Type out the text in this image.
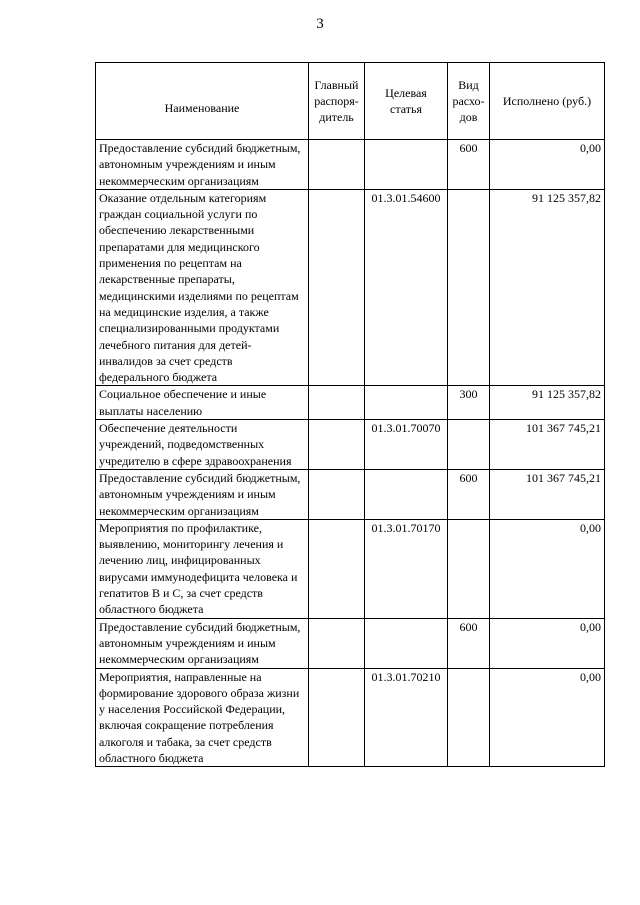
3
Наименование	Главный распоря-дитель	Целевая статья	Вид расхо-дов	Исполнено (руб.)
Предоставление субсидий бюджетным, автономным учреждениям и иным некоммерческим организациям			600	0,00
Оказание отдельным категориям граждан социальной услуги по обеспечению лекарственными препаратами для медицинского применения по рецептам на лекарственные препараты, медицинскими изделиями по рецептам на медицинские изделия, а также специализированными продуктами лечебного питания для детей-инвалидов за счет средств федерального бюджета		01.3.01.54600		91 125 357,82
Социальное обеспечение и иные выплаты населению			300	91 125 357,82
Обеспечение деятельности учреждений, подведомственных учредителю в сфере здравоохранения		01.3.01.70070		101 367 745,21
Предоставление субсидий бюджетным, автономным учреждениям и иным некоммерческим организациям			600	101 367 745,21
Мероприятия по профилактике, выявлению, мониторингу лечения и лечению лиц, инфицированных вирусами иммунодефицита человека и гепатитов В и С, за счет средств областного бюджета		01.3.01.70170		0,00
Предоставление субсидий бюджетным, автономным учреждениям и иным некоммерческим организациям			600	0,00
Мероприятия, направленные на формирование здорового образа жизни у населения Российской Федерации, включая сокращение потребления алкоголя и табака, за счет средств областного бюджета		01.3.01.70210		0,00
